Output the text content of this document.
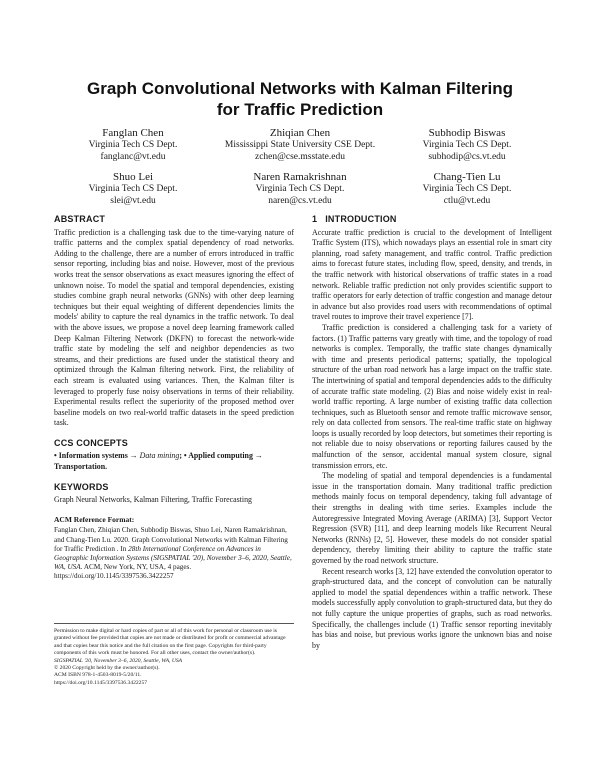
Graph Convolutional Networks with Kalman Filtering
for Traffic Prediction
Fanglan Chen
Virginia Tech CS Dept.
fanglanc@vt.edu
Zhiqian Chen
Mississippi State University CSE Dept.
zchen@cse.msstate.edu
Subhodip Biswas
Virginia Tech CS Dept.
subhodip@cs.vt.edu
Shuo Lei
Virginia Tech CS Dept.
slei@vt.edu
Naren Ramakrishnan
Virginia Tech CS Dept.
naren@cs.vt.edu
Chang-Tien Lu
Virginia Tech CS Dept.
ctlu@vt.edu
ABSTRACT

Traffic prediction is a challenging task due to the time-varying nature of traffic patterns and the complex spatial dependency of road networks. Adding to the challenge, there are a number of errors introduced in traffic sensor reporting, including bias and noise. However, most of the previous works treat the sensor observations as exact measures ignoring the effect of unknown noise. To model the spatial and temporal dependencies, existing studies combine graph neural networks (GNNs) with other deep learning techniques but their equal weighting of different dependencies limits the models' ability to capture the real dynamics in the traffic network. To deal with the above issues, we propose a novel deep learning framework called Deep Kalman Filtering Network (DKFN) to forecast the network-wide traffic state by modeling the self and neighbor dependencies as two streams, and their predictions are fused under the statistical theory and optimized through the Kalman filtering network. First, the reliability of each stream is evaluated using variances. Then, the Kalman filter is leveraged to properly fuse noisy observations in terms of their reliability. Experimental results reflect the superiority of the proposed method over baseline models on two real-world traffic datasets in the speed prediction task.

CCS CONCEPTS

• Information systems → Data mining; • Applied computing → Transportation.

KEYWORDS

Graph Neural Networks, Kalman Filtering, Traffic Forecasting

ACM Reference Format:

Fanglan Chen, Zhiqian Chen, Subhodip Biswas, Shuo Lei, Naren Ramakrishnan, and Chang-Tien Lu. 2020. Graph Convolutional Networks with Kalman Filtering for Traffic Prediction . In 28th International Conference on Advances in Geographic Information Systems (SIGSPATIAL '20), November 3–6, 2020, Seattle, WA, USA. ACM, New York, NY, USA, 4 pages. https://doi.org/10.1145/3397536.3422257

Permission to make digital or hard copies of part or all of this work for personal or classroom use is granted without fee provided that copies are not made or distributed for profit or commercial advantage and that copies bear this notice and the full citation on the first page. Copyrights for third-party components of this work must be honored. For all other uses, contact the owner/author(s).

SIGSPATIAL '20, November 3–6, 2020, Seattle, WA, USA

© 2020 Copyright held by the owner/author(s).

ACM ISBN 978-1-4503-8019-5/20/11.

https://doi.org/10.1145/3397536.3422257

1 INTRODUCTION

Accurate traffic prediction is crucial to the development of Intelligent Traffic System (ITS), which nowadays plays an essential role in smart city planning, road safety management, and traffic control. Traffic prediction aims to forecast future states, including flow, speed, density, and trends, in the traffic network with historical observations of traffic states in a road network. Reliable traffic prediction not only provides scientific support to traffic operators for early detection of traffic congestion and manage detour in advance but also provides road users with recommendations of optimal travel routes to improve their travel experience [7].

Traffic prediction is considered a challenging task for a variety of factors. (1) Traffic patterns vary greatly with time, and the topology of road networks is complex. Temporally, the traffic state changes dynamically with time and presents periodical patterns; spatially, the topological structure of the urban road network has a large impact on the traffic state. The intertwining of spatial and temporal dependencies adds to the difficulty of accurate traffic state modeling. (2) Bias and noise widely exist in real-world traffic reporting. A large number of existing traffic data collection techniques, such as Bluetooth sensor and remote traffic microwave sensor, rely on data collected from sensors. The real-time traffic state on highway loops is usually recorded by loop detectors, but sometimes their reporting is not reliable due to noisy observations or reporting failures caused by the malfunction of the sensor, accidental manual system closure, signal transmission errors, etc.

The modeling of spatial and temporal dependencies is a fundamental issue in the transportation domain. Many traditional traffic prediction methods mainly focus on temporal dependency, taking full advantage of their strengths in dealing with time series. Examples include the Autoregressive Integrated Moving Average (ARIMA) [3], Support Vector Regression (SVR) [11], and deep learning models like Recurrent Neural Networks (RNNs) [2, 5]. However, these models do not consider spatial dependency, thereby limiting their ability to capture the traffic state governed by the road network structure.

Recent research works [3, 12] have extended the convolution operator to graph-structured data, and the concept of convolution can be naturally applied to model the spatial dependences within a traffic network. These models successfully apply convolution to graph-structured data, but they do not fully capture the unique properties of graphs, such as road networks. Specifically, the challenges include (1) Traffic sensor reporting inevitably has bias and noise, but previous works ignore the unknown bias and noise by
